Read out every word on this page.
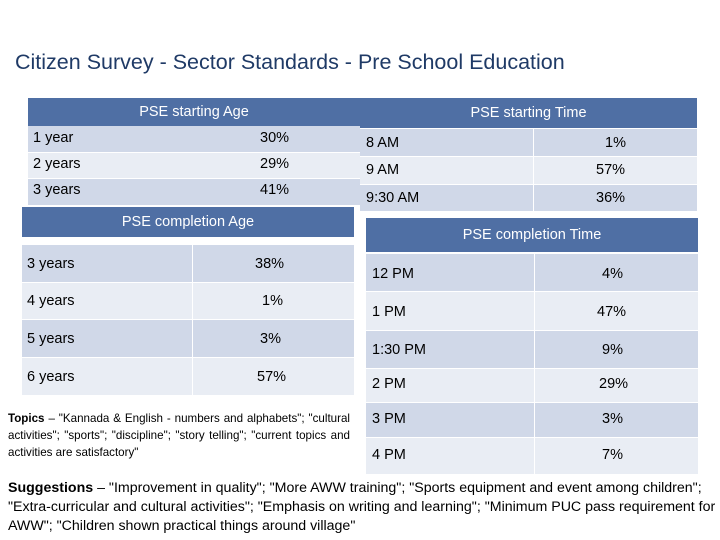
Citizen Survey - Sector Standards - Pre School Education
PSE starting Age
1 year	30%
2 years	29%
3 years	41%
PSE starting Time
8 AM	1%
9 AM	57%
9:30 AM	36%
PSE completion Age
3 years	38%
4 years	1%
5 years	3%
6 years	57%
PSE completion Time
12 PM	4%
1 PM	47%
1:30 PM	9%
2 PM	29%
3 PM	3%
4 PM	7%
Topics – "Kannada & English - numbers and alphabets"; "cultural activities"; "sports"; "discipline"; "story telling"; "current topics and activities are satisfactory"
Suggestions – "Improvement in quality"; "More AWW training"; "Sports equipment and event among children"; "Extra-curricular and cultural activities"; "Emphasis on writing and learning"; "Minimum PUC pass requirement for AWW"; "Children shown practical things around village"
